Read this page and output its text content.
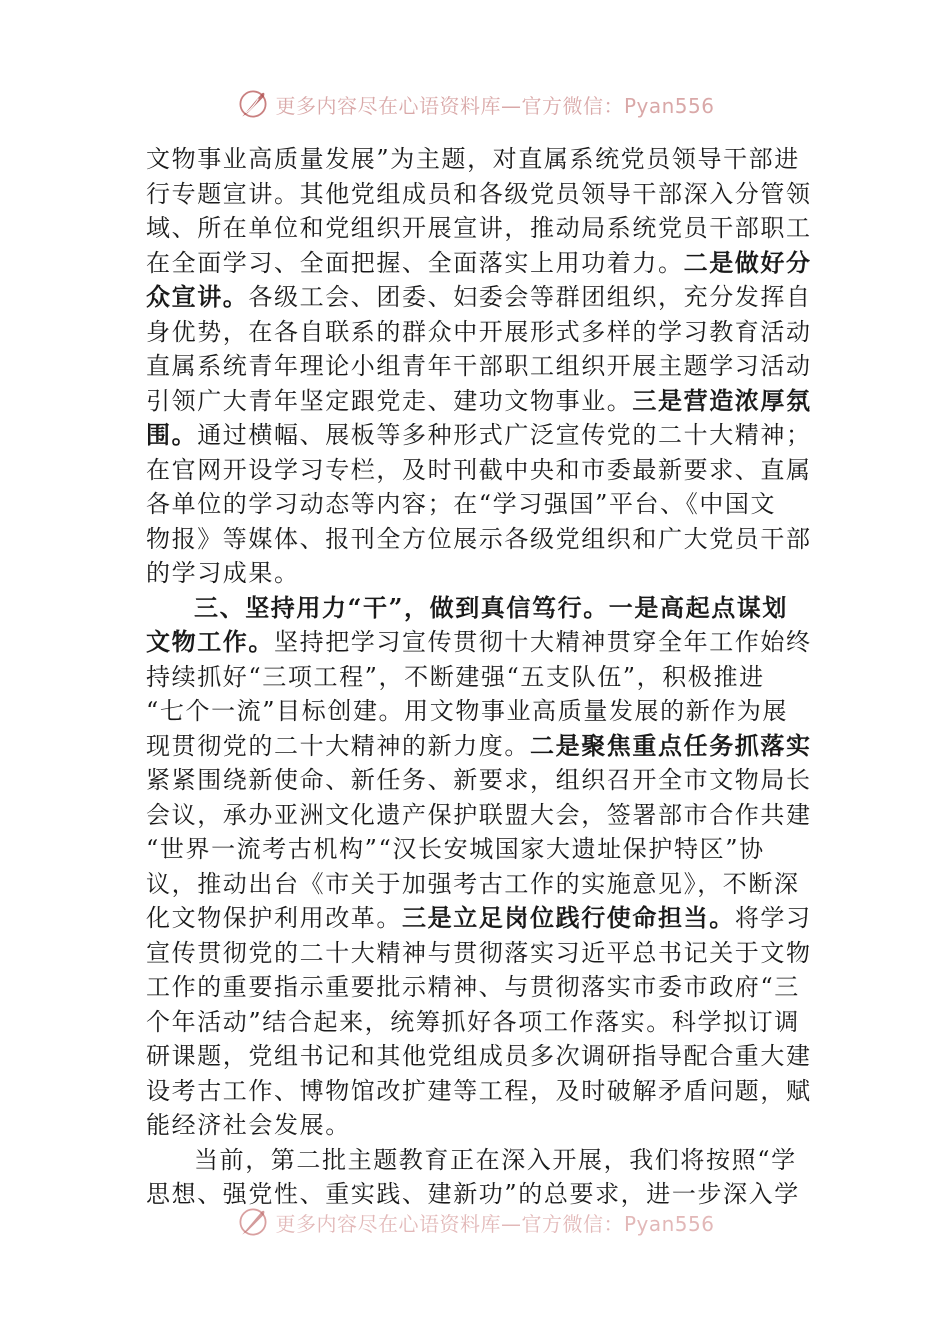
更多内容尽在心语资料库—官方微信：Pyan556
文物事业高质量发展”为主题，对直属系统党员领导干部进
行专题宣讲。其他党组成员和各级党员领导干部深入分管领
域、所在单位和党组织开展宣讲，推动局系统党员干部职工
在全面学习、全面把握、全面落实上用功着力。二是做好分
众宣讲。各级工会、团委、妇委会等群团组织，充分发挥自
身优势，在各自联系的群众中开展形式多样的学习教育活动
直属系统青年理论小组青年干部职工组织开展主题学习活动
引领广大青年坚定跟党走、建功文物事业。三是营造浓厚氛
围。通过横幅、展板等多种形式广泛宣传党的二十大精神；
在官网开设学习专栏，及时刊截中央和市委最新要求、直属
各单位的学习动态等内容；在“学习强国”平台、《中国文
物报》等媒体、报刊全方位展示各级党组织和广大党员干部
的学习成果。
三、坚持用力“干”，做到真信笃行。一是高起点谋划
文物工作。坚持把学习宣传贯彻十大精神贯穿全年工作始终
持续抓好“三项工程”，不断建强“五支队伍”，积极推进
“七个一流”目标创建。用文物事业高质量发展的新作为展
现贯彻党的二十大精神的新力度。二是聚焦重点任务抓落实
紧紧围绕新使命、新任务、新要求，组织召开全市文物局长
会议，承办亚洲文化遗产保护联盟大会，签署部市合作共建
“世界一流考古机构”“汉长安城国家大遗址保护特区”协
议，推动出台《市关于加强考古工作的实施意见》，不断深
化文物保护利用改革。三是立足岗位践行使命担当。将学习
宣传贯彻党的二十大精神与贯彻落实习近平总书记关于文物
工作的重要指示重要批示精神、与贯彻落实市委市政府“三
个年活动”结合起来，统筹抓好各项工作落实。科学拟订调
研课题，党组书记和其他党组成员多次调研指导配合重大建
设考古工作、博物馆改扩建等工程，及时破解矛盾问题，赋
能经济社会发展。
当前，第二批主题教育正在深入开展，我们将按照“学
思想、强党性、重实践、建新功”的总要求，进一步深入学
更多内容尽在心语资料库—官方微信：Pyan556
